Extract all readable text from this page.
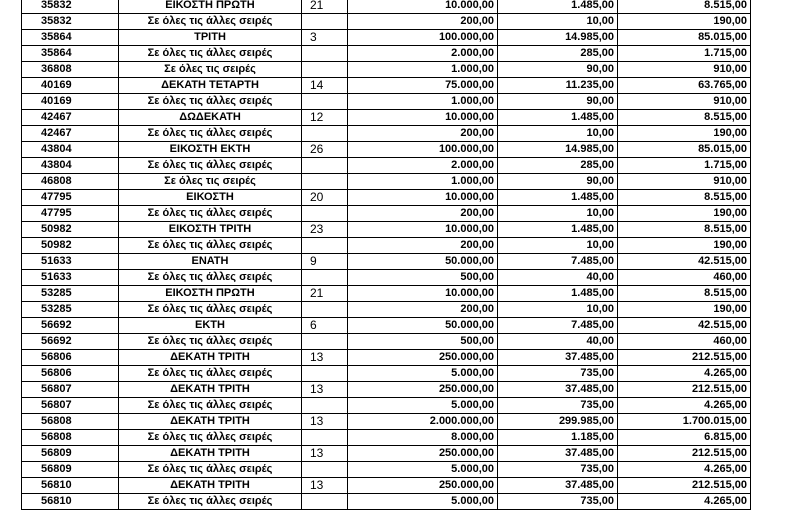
35832	ΕΙΚΟΣΤΗ ΠΡΩΤΗ	21	10.000,00	1.485,00	8.515,00
35832	Σε όλες τις άλλες σειρές		200,00	10,00	190,00
35864	ΤΡΙΤΗ	3	100.000,00	14.985,00	85.015,00
35864	Σε όλες τις άλλες σειρές		2.000,00	285,00	1.715,00
36808	Σε όλες τις σειρές		1.000,00	90,00	910,00
40169	ΔΕΚΑΤΗ ΤΕΤΑΡΤΗ	14	75.000,00	11.235,00	63.765,00
40169	Σε όλες τις άλλες σειρές		1.000,00	90,00	910,00
42467	ΔΩΔΕΚΑΤΗ	12	10.000,00	1.485,00	8.515,00
42467	Σε όλες τις άλλες σειρές		200,00	10,00	190,00
43804	ΕΙΚΟΣΤΗ ΕΚΤΗ	26	100.000,00	14.985,00	85.015,00
43804	Σε όλες τις άλλες σειρές		2.000,00	285,00	1.715,00
46808	Σε όλες τις σειρές		1.000,00	90,00	910,00
47795	ΕΙΚΟΣΤΗ	20	10.000,00	1.485,00	8.515,00
47795	Σε όλες τις άλλες σειρές		200,00	10,00	190,00
50982	ΕΙΚΟΣΤΗ ΤΡΙΤΗ	23	10.000,00	1.485,00	8.515,00
50982	Σε όλες τις άλλες σειρές		200,00	10,00	190,00
51633	ΕΝΑΤΗ	9	50.000,00	7.485,00	42.515,00
51633	Σε όλες τις άλλες σειρές		500,00	40,00	460,00
53285	ΕΙΚΟΣΤΗ ΠΡΩΤΗ	21	10.000,00	1.485,00	8.515,00
53285	Σε όλες τις άλλες σειρές		200,00	10,00	190,00
56692	ΕΚΤΗ	6	50.000,00	7.485,00	42.515,00
56692	Σε όλες τις άλλες σειρές		500,00	40,00	460,00
56806	ΔΕΚΑΤΗ ΤΡΙΤΗ	13	250.000,00	37.485,00	212.515,00
56806	Σε όλες τις άλλες σειρές		5.000,00	735,00	4.265,00
56807	ΔΕΚΑΤΗ ΤΡΙΤΗ	13	250.000,00	37.485,00	212.515,00
56807	Σε όλες τις άλλες σειρές		5.000,00	735,00	4.265,00
56808	ΔΕΚΑΤΗ ΤΡΙΤΗ	13	2.000.000,00	299.985,00	1.700.015,00
56808	Σε όλες τις άλλες σειρές		8.000,00	1.185,00	6.815,00
56809	ΔΕΚΑΤΗ ΤΡΙΤΗ	13	250.000,00	37.485,00	212.515,00
56809	Σε όλες τις άλλες σειρές		5.000,00	735,00	4.265,00
56810	ΔΕΚΑΤΗ ΤΡΙΤΗ	13	250.000,00	37.485,00	212.515,00
56810	Σε όλες τις άλλες σειρές		5.000,00	735,00	4.265,00
